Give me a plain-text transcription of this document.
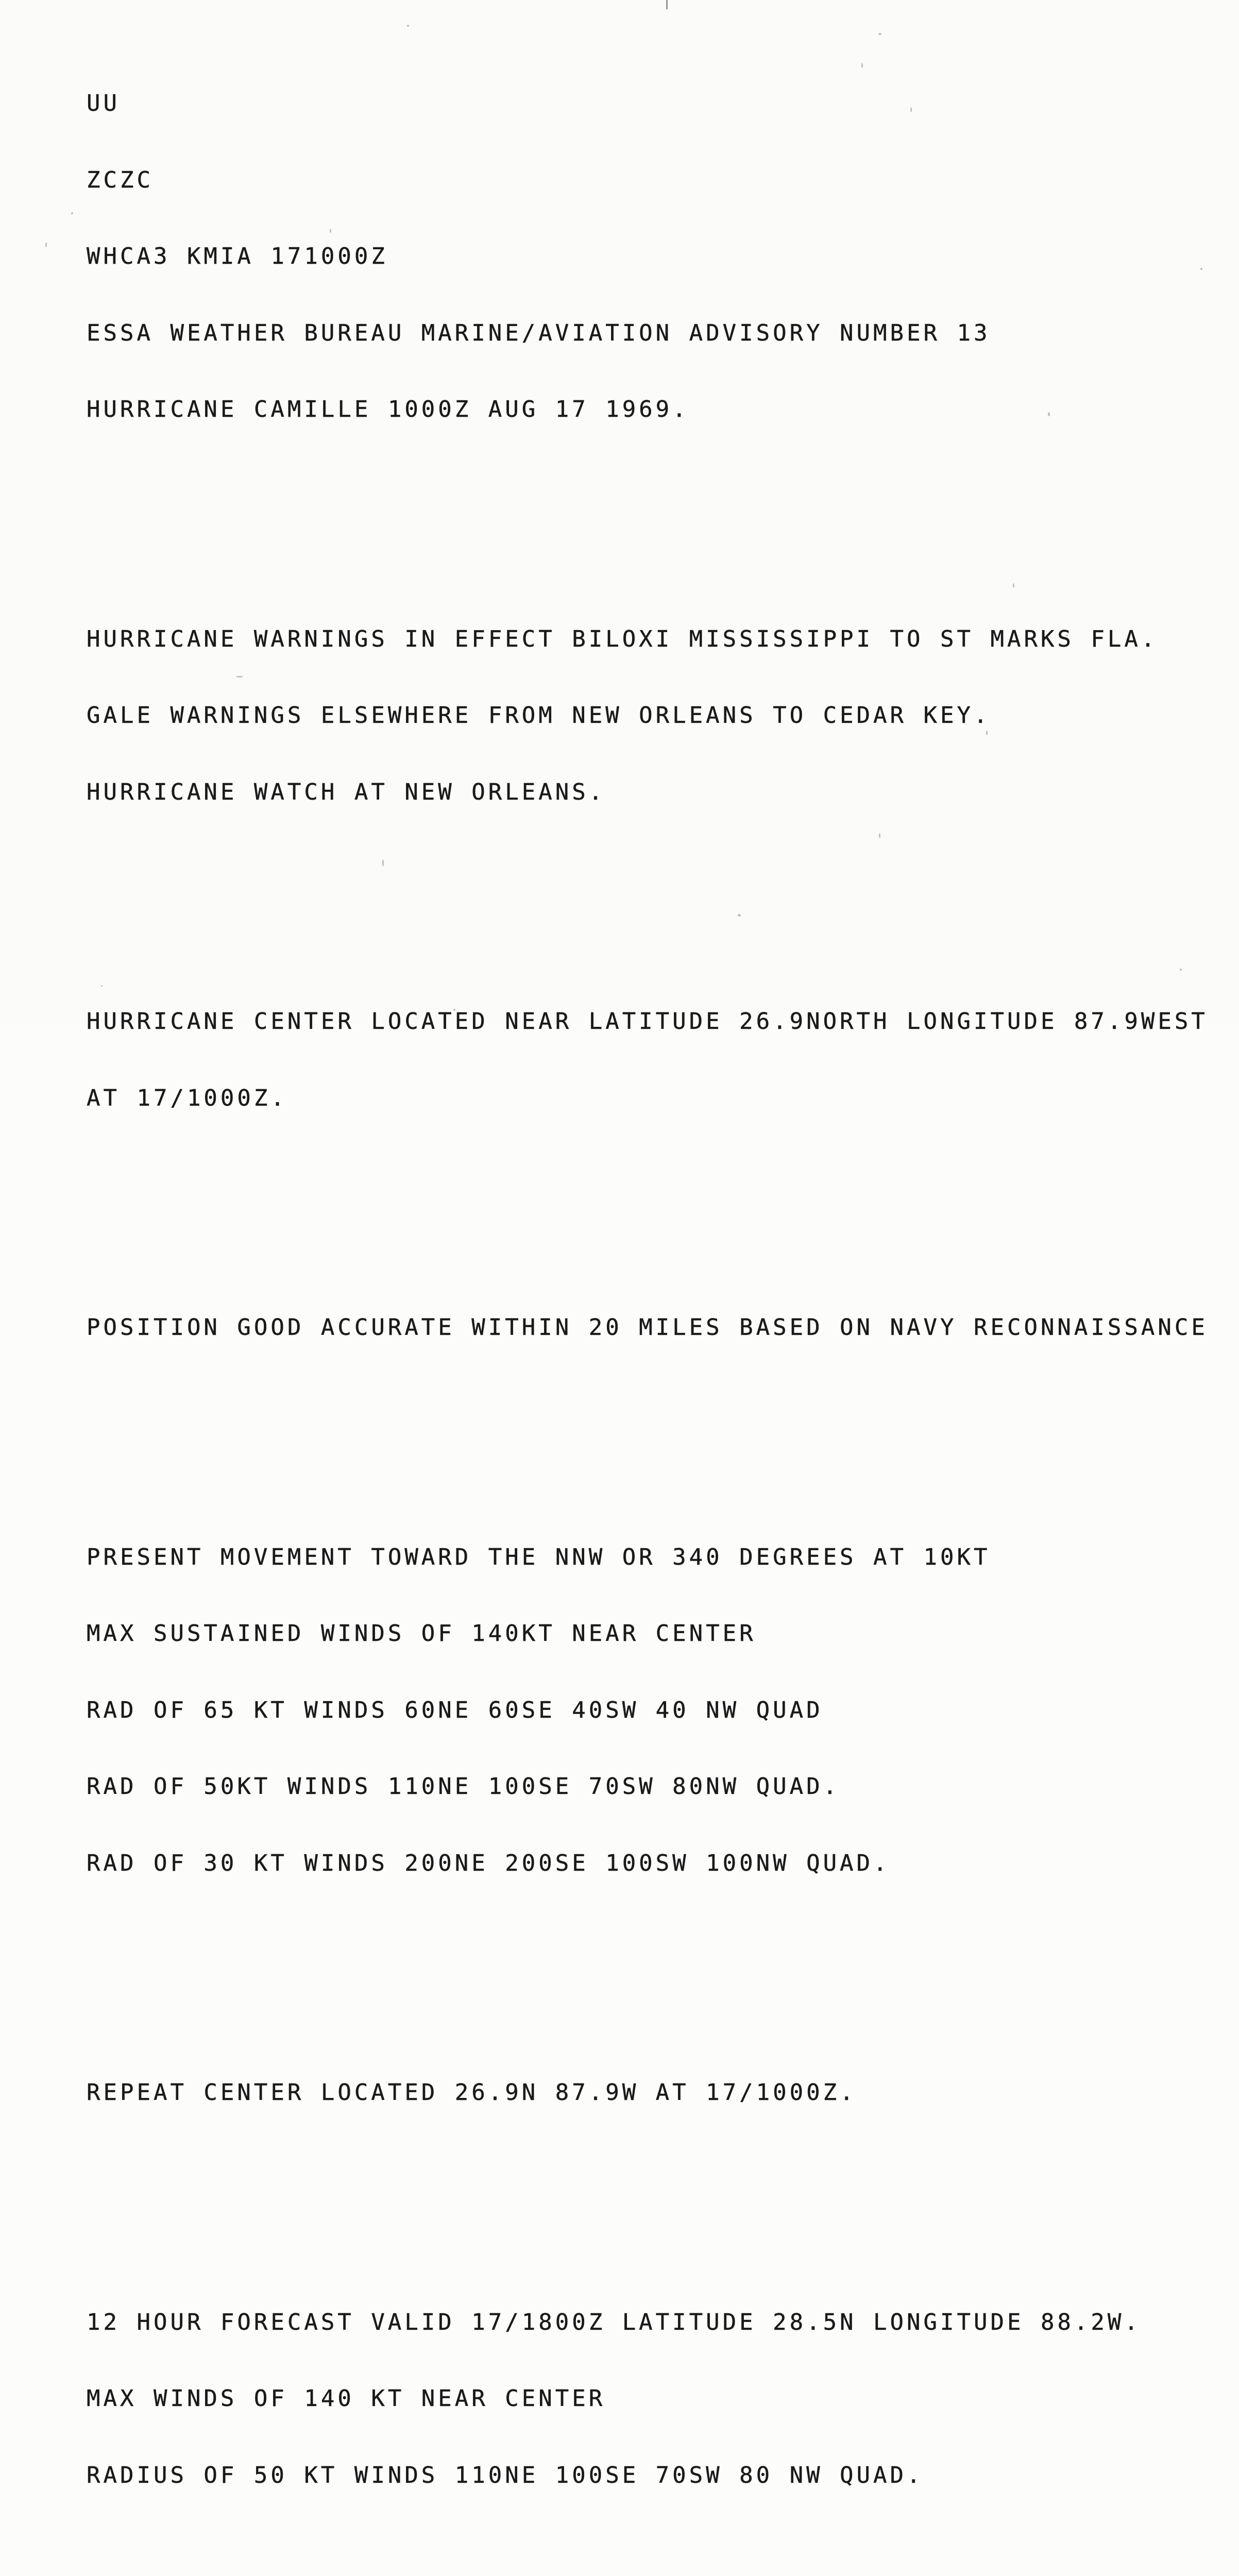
UU

ZCZC

WHCA3 KMIA 171000Z

ESSA WEATHER BUREAU MARINE/AVIATION ADVISORY NUMBER 13

HURRICANE CAMILLE 1000Z AUG 17 1969.

HURRICANE WARNINGS IN EFFECT BILOXI MISSISSIPPI TO ST MARKS FLA.

GALE WARNINGS ELSEWHERE FROM NEW ORLEANS TO CEDAR KEY.

HURRICANE WATCH AT NEW ORLEANS.

HURRICANE CENTER LOCATED NEAR LATITUDE 26.9NORTH LONGITUDE 87.9WEST

AT 17/1000Z.

POSITION GOOD ACCURATE WITHIN 20 MILES BASED ON NAVY RECONNAISSANCE

PRESENT MOVEMENT TOWARD THE NNW OR 340 DEGREES AT 10KT

MAX SUSTAINED WINDS OF 140KT NEAR CENTER

RAD OF 65 KT WINDS 60NE 60SE 40SW 40 NW QUAD

RAD OF 50KT WINDS 110NE 100SE 70SW 80NW QUAD.

RAD OF 30 KT WINDS 200NE 200SE 100SW 100NW QUAD.

REPEAT CENTER LOCATED 26.9N 87.9W AT 17/1000Z.

12 HOUR FORECAST VALID 17/1800Z LATITUDE 28.5N LONGITUDE 88.2W.

MAX WINDS OF 140 KT NEAR CENTER

RADIUS OF 50 KT WINDS 110NE 100SE 70SW 80 NW QUAD.
